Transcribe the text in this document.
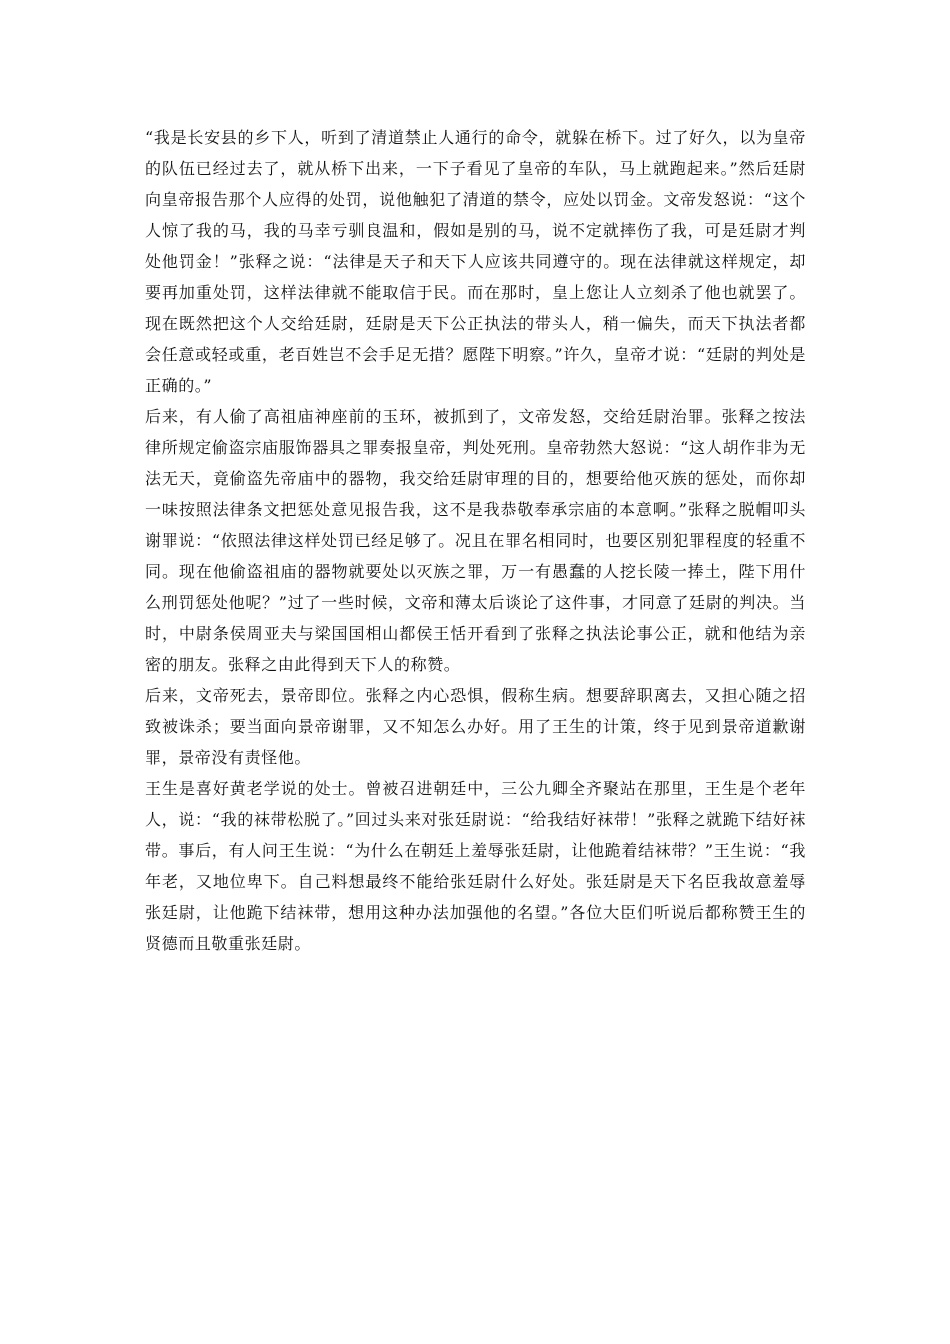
“我是长安县的乡下人，听到了清道禁止人通行的命令，就躲在桥下。过了好久，以为皇帝的队伍已经过去了，就从桥下出来，一下子看见了皇帝的车队，马上就跑起来。”然后廷尉向皇帝报告那个人应得的处罚，说他触犯了清道的禁令，应处以罚金。文帝发怒说：“这个人惊了我的马，我的马幸亏驯良温和，假如是别的马，说不定就摔伤了我，可是廷尉才判处他罚金！”张释之说：“法律是天子和天下人应该共同遵守的。现在法律就这样规定，却要再加重处罚，这样法律就不能取信于民。而在那时，皇上您让人立刻杀了他也就罢了。现在既然把这个人交给廷尉，廷尉是天下公正执法的带头人，稍一偏失，而天下执法者都会任意或轻或重，老百姓岂不会手足无措？愿陛下明察。”许久，皇帝才说：“廷尉的判处是正确的。”

后来，有人偷了高祖庙神座前的玉环，被抓到了，文帝发怒，交给廷尉治罪。张释之按法律所规定偷盗宗庙服饰器具之罪奏报皇帝，判处死刑。皇帝勃然大怒说：“这人胡作非为无法无天，竟偷盗先帝庙中的器物，我交给廷尉审理的目的，想要给他灭族的惩处，而你却一味按照法律条文把惩处意见报告我，这不是我恭敬奉承宗庙的本意啊。”张释之脱帽叩头谢罪说：“依照法律这样处罚已经足够了。况且在罪名相同时，也要区别犯罪程度的轻重不同。现在他偷盗祖庙的器物就要处以灭族之罪，万一有愚蠢的人挖长陵一捧土，陛下用什么刑罚惩处他呢？”过了一些时候，文帝和薄太后谈论了这件事，才同意了廷尉的判决。当时，中尉条侯周亚夫与梁国国相山都侯王恬开看到了张释之执法论事公正，就和他结为亲密的朋友。张释之由此得到天下人的称赞。

后来，文帝死去，景帝即位。张释之内心恐惧，假称生病。想要辞职离去，又担心随之招致被诛杀；要当面向景帝谢罪，又不知怎么办好。用了王生的计策，终于见到景帝道歉谢罪，景帝没有责怪他。

王生是喜好黄老学说的处士。曾被召进朝廷中，三公九卿全齐聚站在那里，王生是个老年人，说：“我的袜带松脱了。”回过头来对张廷尉说：“给我结好袜带！”张释之就跪下结好袜带。事后，有人问王生说：“为什么在朝廷上羞辱张廷尉，让他跪着结袜带？”王生说：“我年老，又地位卑下。自己料想最终不能给张廷尉什么好处。张廷尉是天下名臣我故意羞辱张廷尉，让他跪下结袜带，想用这种办法加强他的名望。”各位大臣们听说后都称赞王生的贤德而且敬重张廷尉。
